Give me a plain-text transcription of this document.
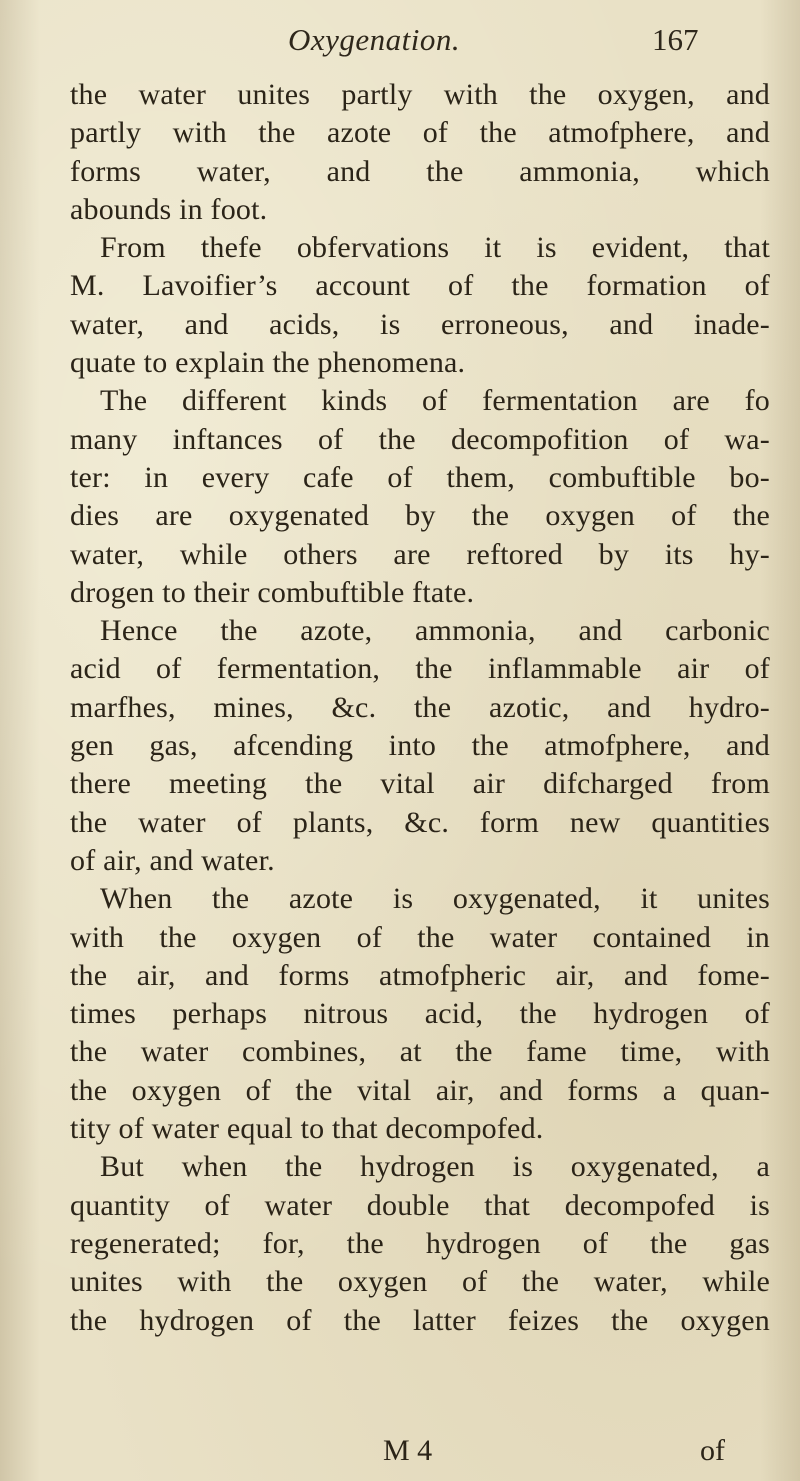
Oxygenation.	167
the water unites partly with the oxygen, and
partly with the azote of the atmofphere, and
forms water, and the ammonia, which
abounds in foot.
From thefe obfervations it is evident, that
M. Lavoifier’s account of the formation of
water, and acids, is erroneous, and inade-
quate to explain the phenomena.
The different kinds of fermentation are fo
many inftances of the decompofition of wa-
ter: in every cafe of them, combuftible bo-
dies are oxygenated by the oxygen of the
water, while others are reftored by its hy-
drogen to their combuftible ftate.
Hence the azote, ammonia, and carbonic
acid of fermentation, the inflammable air of
marfhes, mines, &c. the azotic, and hydro-
gen gas, afcending into the atmofphere, and
there meeting the vital air difcharged from
the water of plants, &c. form new quantities
of air, and water.
When the azote is oxygenated, it unites
with the oxygen of the water contained in
the air, and forms atmofpheric air, and fome-
times perhaps nitrous acid, the hydrogen of
the water combines, at the fame time, with
the oxygen of the vital air, and forms a quan-
tity of water equal to that decompofed.
But when the hydrogen is oxygenated, a
quantity of water double that decompofed is
regenerated; for, the hydrogen of the gas
unites with the oxygen of the water, while
the hydrogen of the latter feizes the oxygen
M 4	of
